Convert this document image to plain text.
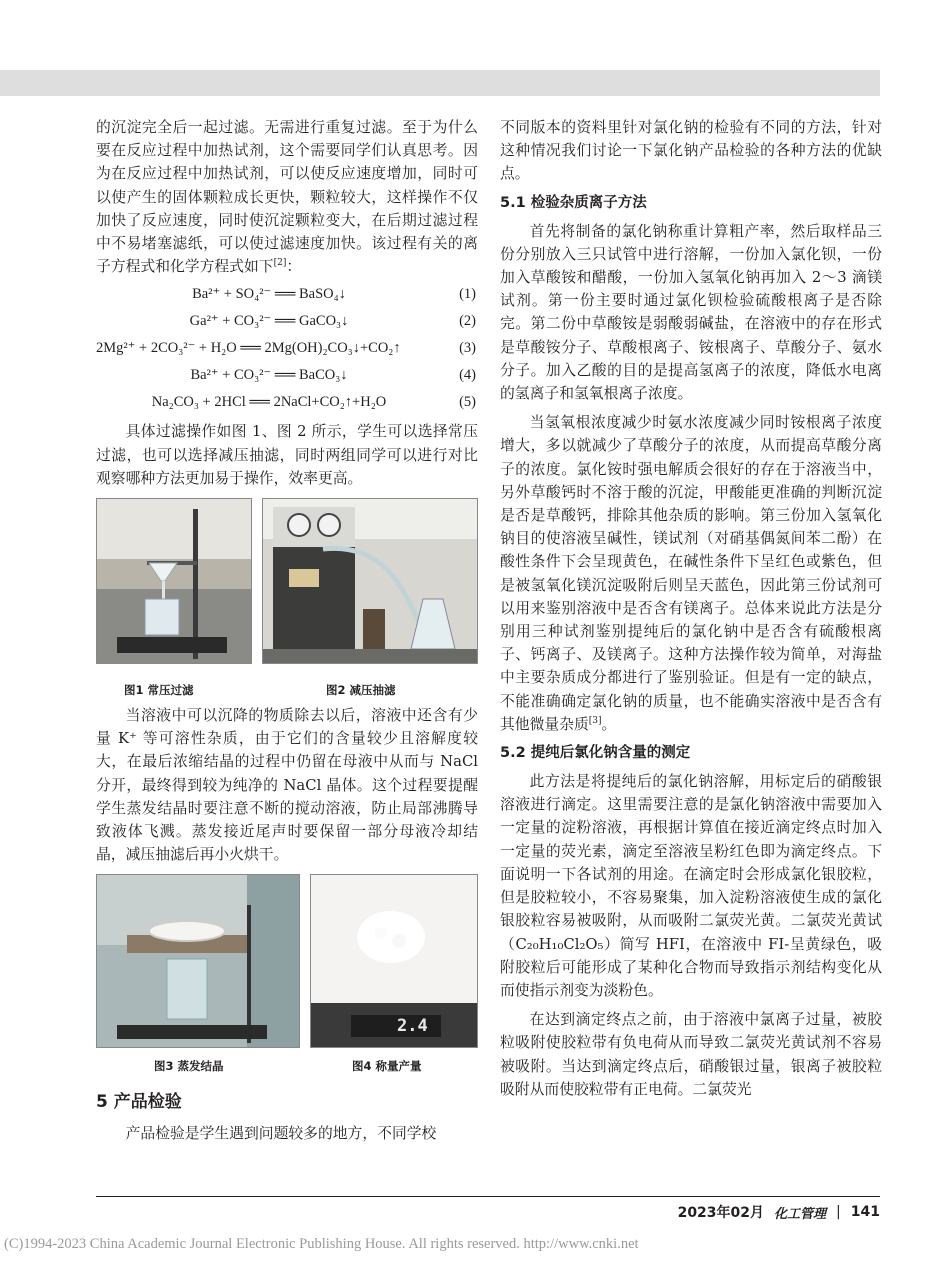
的沉淀完全后一起过滤。无需进行重复过滤。至于为什么要在反应过程中加热试剂，这个需要同学们认真思考。因为在反应过程中加热试剂，可以使反应速度增加，同时可以使产生的固体颗粒成长更快，颗粒较大，这样操作不仅加快了反应速度，同时使沉淀颗粒变大，在后期过滤过程中不易堵塞滤纸，可以使过滤速度加快。该过程有关的离子方程式和化学方程式如下[2]：

Ba²⁺ + SO₄²⁻ ══ BaSO₄↓	(1)
Ga²⁺ + CO₃²⁻ ══ GaCO₃↓	(2)
2Mg²⁺ + 2CO₃²⁻ + H₂O ══ 2Mg(OH)₂CO₃↓+CO₂↑	(3)
Ba²⁺ + CO₃²⁻ ══ BaCO₃↓	(4)
Na₂CO₃ + 2HCl ══ 2NaCl+CO₂↑+H₂O	(5)

具体过滤操作如图 1、图 2 所示，学生可以选择常压过滤，也可以选择减压抽滤，同时两组同学可以进行对比观察哪种方法更加易于操作，效率更高。

图1 常压过滤	图2 减压抽滤

当溶液中可以沉降的物质除去以后，溶液中还含有少量 K⁺ 等可溶性杂质，由于它们的含量较少且溶解度较大，在最后浓缩结晶的过程中仍留在母液中从而与 NaCl 分开，最终得到较为纯净的 NaCl 晶体。这个过程要提醒学生蒸发结晶时要注意不断的搅动溶液，防止局部沸腾导致液体飞溅。蒸发接近尾声时要保留一部分母液冷却结晶，减压抽滤后再小火烘干。

2.4
图3 蒸发结晶	图4 称量产量
5 产品检验

产品检验是学生遇到问题较多的地方，不同学校

不同版本的资料里针对氯化钠的检验有不同的方法，针对这种情况我们讨论一下氯化钠产品检验的各种方法的优缺点。

5.1 检验杂质离子方法

首先将制备的氯化钠称重计算粗产率，然后取样品三份分别放入三只试管中进行溶解，一份加入氯化钡，一份加入草酸铵和醋酸，一份加入氢氧化钠再加入 2～3 滴镁试剂。第一份主要时通过氯化钡检验硫酸根离子是否除完。第二份中草酸铵是弱酸弱碱盐，在溶液中的存在形式是草酸铵分子、草酸根离子、铵根离子、草酸分子、氨水分子。加入乙酸的目的是提高氢离子的浓度，降低水电离的氢离子和氢氧根离子浓度。

当氢氧根浓度减少时氨水浓度减少同时铵根离子浓度增大，多以就减少了草酸分子的浓度，从而提高草酸分离子的浓度。氯化铵时强电解质会很好的存在于溶液当中，另外草酸钙时不溶于酸的沉淀，甲酸能更准确的判断沉淀是否是草酸钙，排除其他杂质的影响。第三份加入氢氧化钠目的使溶液呈碱性，镁试剂（对硝基偶氮间苯二酚）在酸性条件下会呈现黄色，在碱性条件下呈红色或紫色，但是被氢氧化镁沉淀吸附后则呈天蓝色，因此第三份试剂可以用来鉴别溶液中是否含有镁离子。总体来说此方法是分别用三种试剂鉴别提纯后的氯化钠中是否含有硫酸根离子、钙离子、及镁离子。这种方法操作较为简单，对海盐中主要杂质成分都进行了鉴别验证。但是有一定的缺点，不能准确确定氯化钠的质量，也不能确实溶液中是否含有其他微量杂质[3]。

5.2 提纯后氯化钠含量的测定

此方法是将提纯后的氯化钠溶解，用标定后的硝酸银溶液进行滴定。这里需要注意的是氯化钠溶液中需要加入一定量的淀粉溶液，再根据计算值在接近滴定终点时加入一定量的荧光素，滴定至溶液呈粉红色即为滴定终点。下面说明一下各试剂的用途。在滴定时会形成氯化银胶粒，但是胶粒较小，不容易聚集，加入淀粉溶液使生成的氯化银胶粒容易被吸附，从而吸附二氯荧光黄。二氯荧光黄试（C₂₀H₁₀Cl₂O₅）简写 HFI，在溶液中 FI-呈黄绿色，吸附胶粒后可能形成了某种化合物而导致指示剂结构变化从而使指示剂变为淡粉色。

在达到滴定终点之前，由于溶液中氯离子过量，被胶粒吸附使胶粒带有负电荷从而导致二氯荧光黄试剂不容易被吸附。当达到滴定终点后，硝酸银过量，银离子被胶粒吸附从而使胶粒带有正电荷。二氯荧光

2023年02月 化工管理 | 141
(C)1994-2023 China Academic Journal Electronic Publishing House. All rights reserved. http://www.cnki.net
